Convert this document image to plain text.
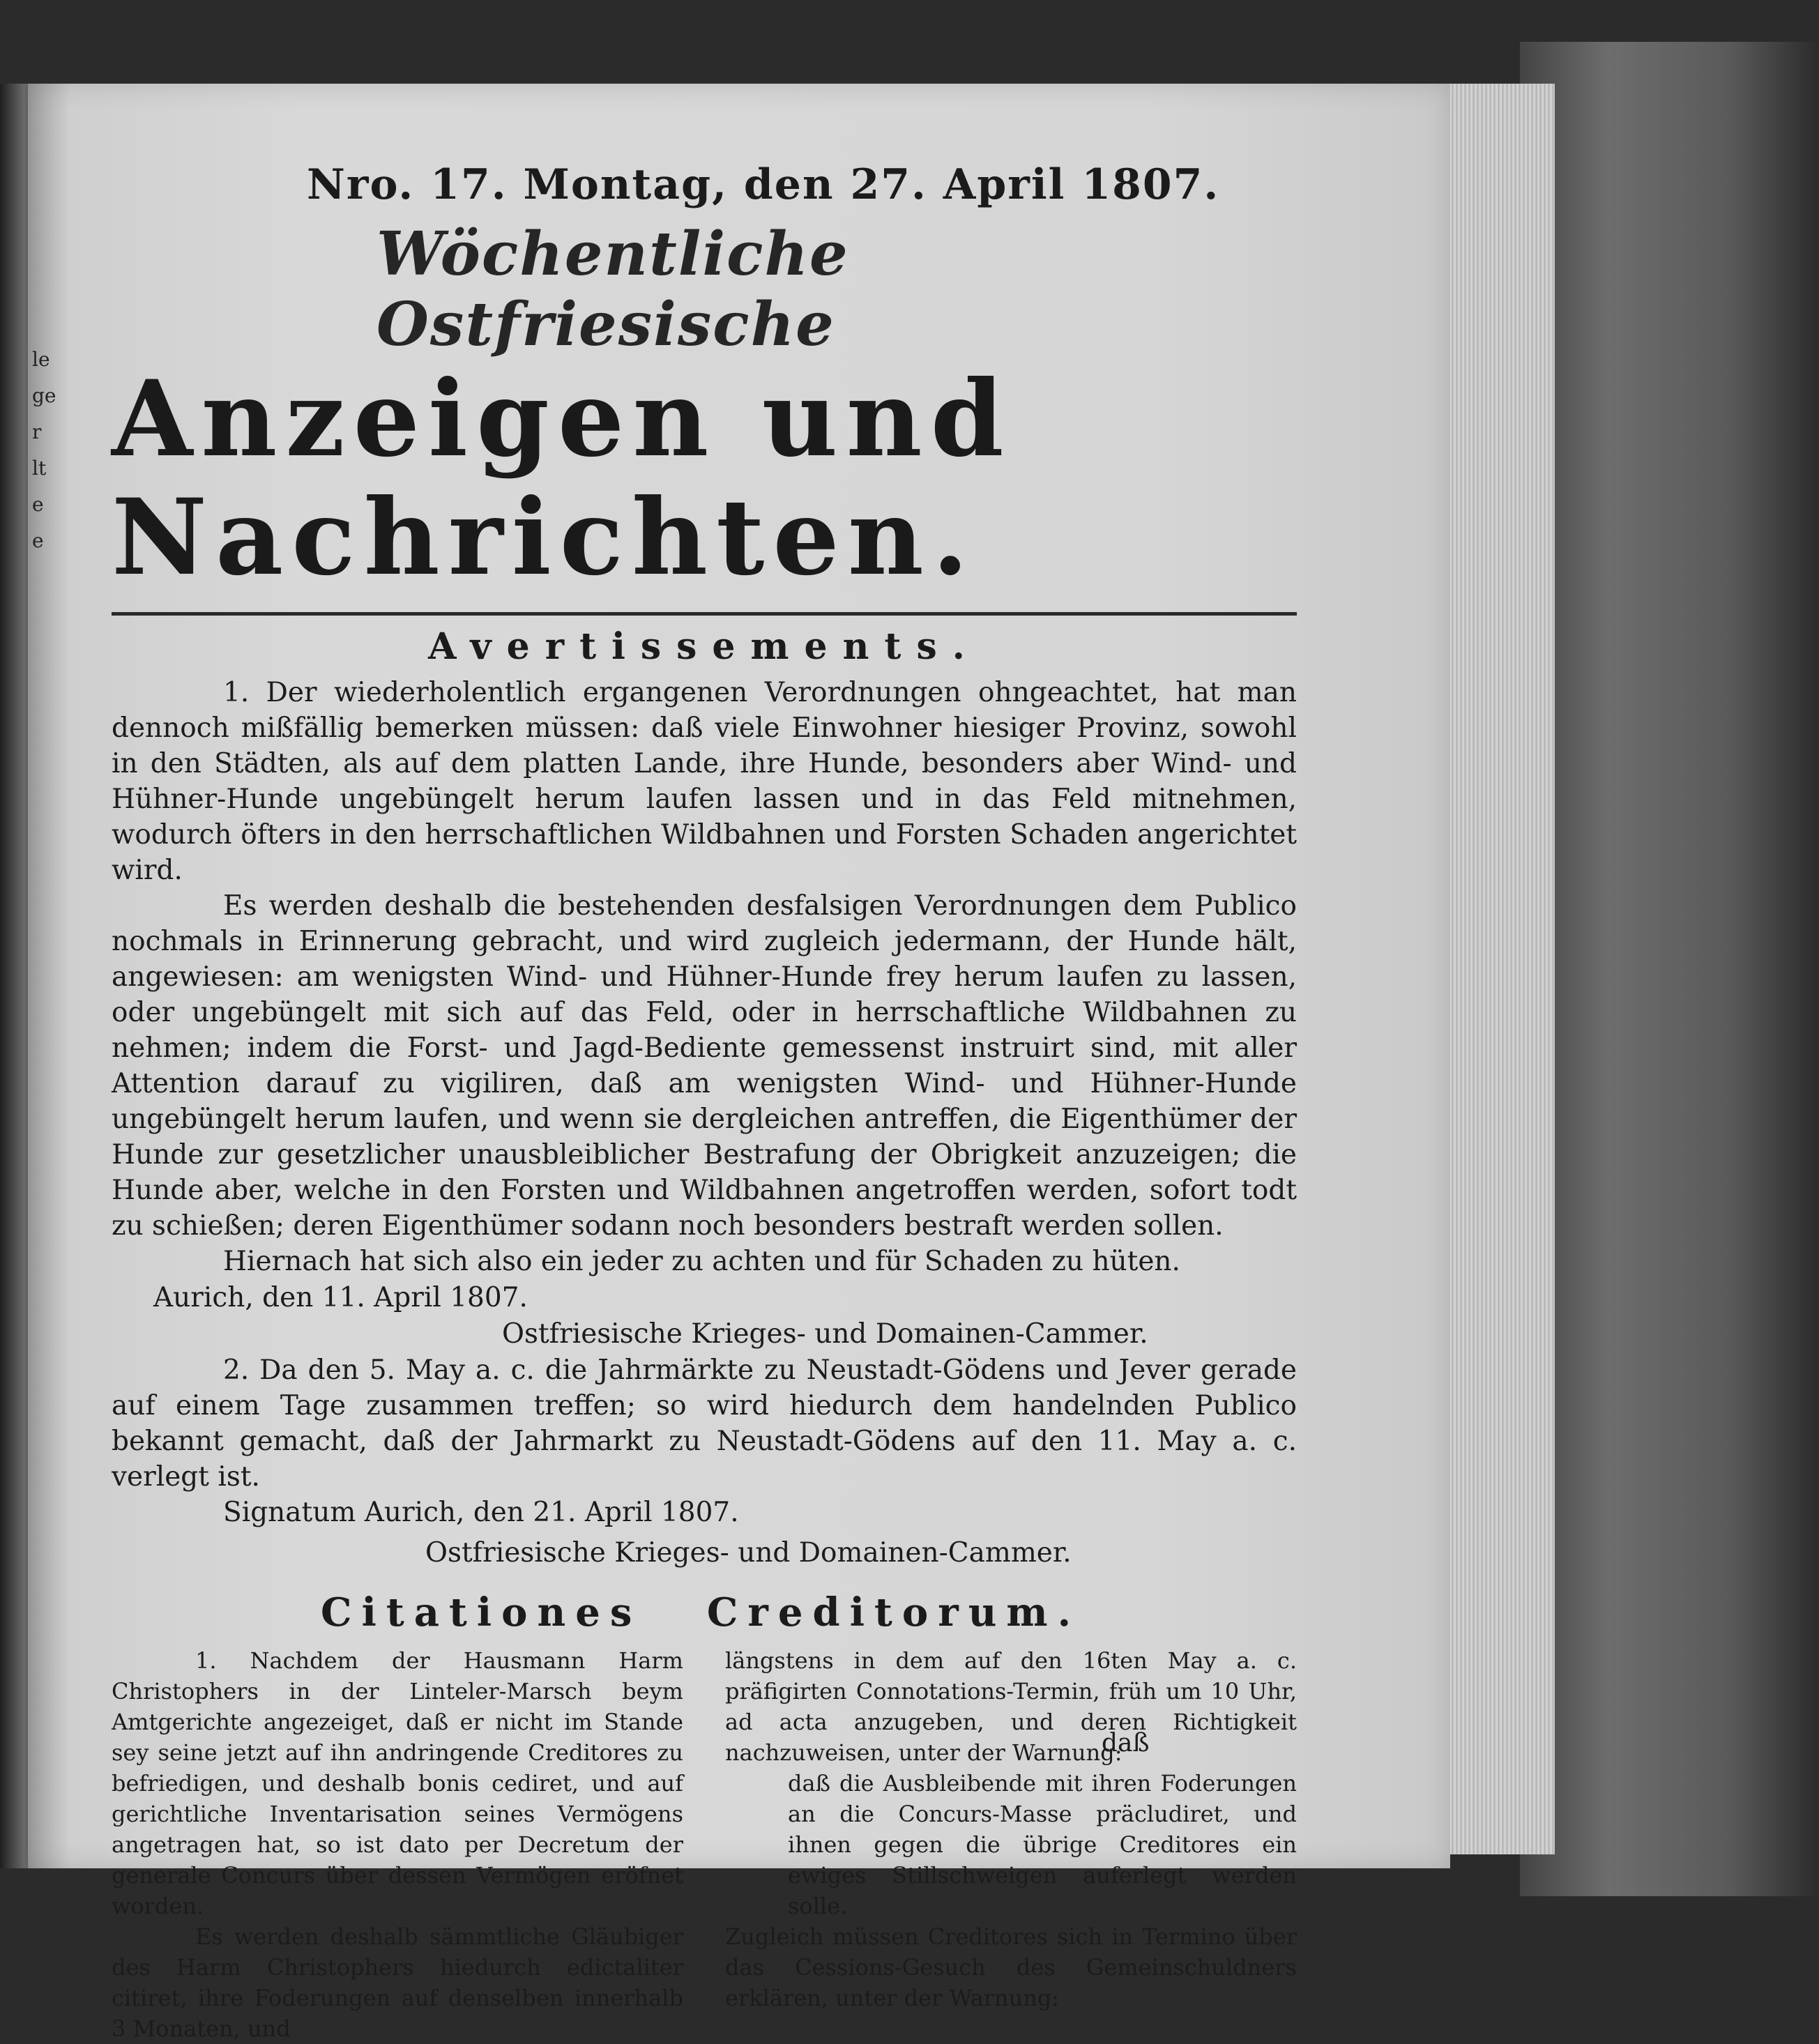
le
ge
r
lt
e
e

Nro. 17. Montag, den 27. April 1807.

Wöchentliche Ostfriesische

Anzeigen und Nachrichten.

Avertissements.

1. Der wiederholentlich ergangenen Verordnungen ohngeachtet, hat man dennoch mißfällig bemerken müssen: daß viele Einwohner hiesiger Provinz, sowohl in den Städten, als auf dem platten Lande, ihre Hunde, besonders aber Wind- und Hühner-Hunde ungebüngelt herum laufen lassen und in das Feld mitnehmen, wodurch öfters in den herrschaftlichen Wildbahnen und Forsten Schaden angerichtet wird.

Es werden deshalb die bestehenden desfalsigen Verordnungen dem Publico nochmals in Erinnerung gebracht, und wird zugleich jedermann, der Hunde hält, angewiesen: am wenigsten Wind- und Hühner-Hunde frey herum laufen zu lassen, oder ungebüngelt mit sich auf das Feld, oder in herrschaftliche Wildbahnen zu nehmen; indem die Forst- und Jagd-Bediente gemessenst instruirt sind, mit aller Attention darauf zu vigiliren, daß am wenigsten Wind- und Hühner-Hunde ungebüngelt herum laufen, und wenn sie dergleichen antreffen, die Eigenthümer der Hunde zur gesetzlicher unausbleiblicher Bestrafung der Obrigkeit anzuzeigen; die Hunde aber, welche in den Forsten und Wildbahnen angetroffen werden, sofort todt zu schießen; deren Eigenthümer sodann noch besonders bestraft werden sollen.

Hiernach hat sich also ein jeder zu achten und für Schaden zu hüten.

Aurich, den 11. April 1807.

Ostfriesische Krieges- und Domainen-Cammer.

2. Da den 5. May a. c. die Jahrmärkte zu Neustadt-Gödens und Jever gerade auf einem Tage zusammen treffen; so wird hiedurch dem handelnden Publico bekannt gemacht, daß der Jahrmarkt zu Neustadt-Gödens auf den 11. May a. c. verlegt ist.

Signatum Aurich, den 21. April 1807.

Ostfriesische Krieges- und Domainen-Cammer.

Citationes Creditorum.

1. Nachdem der Hausmann Harm Christophers in der Linteler-Marsch beym Amtgerichte angezeiget, daß er nicht im Stande sey seine jetzt auf ihn andringende Creditores zu befriedigen, und deshalb bonis cediret, und auf gerichtliche Inventarisation seines Vermögens angetragen hat, so ist dato per Decretum der generale Concurs über dessen Vermögen eröfnet worden.

Es werden deshalb sämmtliche Gläubiger des Harm Christophers hiedurch edictaliter citiret, ihre Foderungen auf denselben innerhalb 3 Monaten, und

längstens in dem auf den 16ten May a. c. präfigirten Connotations-Termin, früh um 10 Uhr, ad acta anzugeben, und deren Richtigkeit nachzuweisen, unter der Warnung:

daß die Ausbleibende mit ihren Foderungen an die Concurs-Masse präcludiret, und ihnen gegen die übrige Creditores ein ewiges Stillschweigen auferlegt werden solle.

Zugleich müssen Creditores sich in Termino über das Cessions-Gesuch des Gemeinschuldners erklären, unter der Warnung:

daß
